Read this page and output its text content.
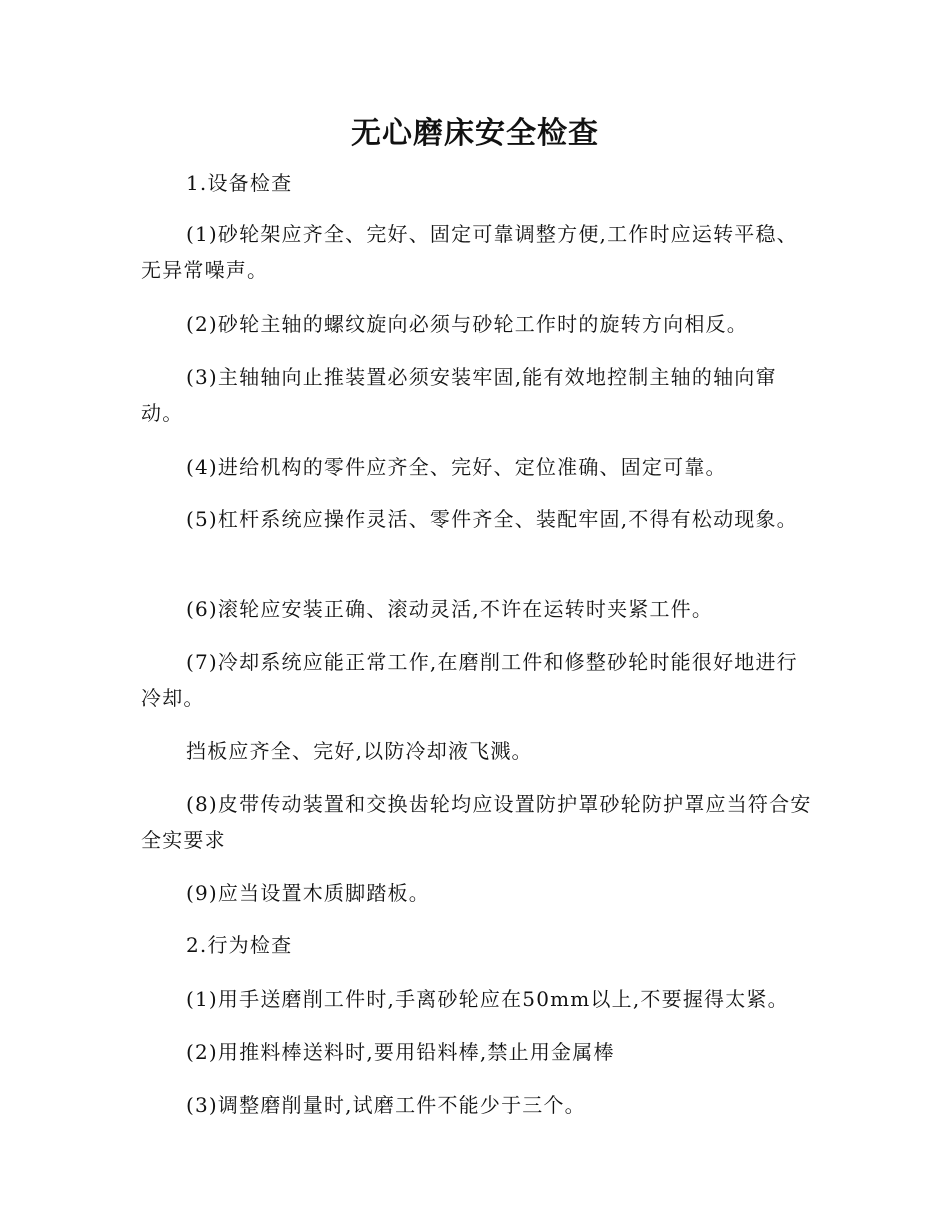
无心磨床安全检查

1.设备检查

(1)砂轮架应齐全、完好、固定可靠调整方便,工作时应运转平稳、无异常噪声。

(2)砂轮主轴的螺纹旋向必须与砂轮工作时的旋转方向相反。

(3)主轴轴向止推装置必须安装牢固,能有效地控制主轴的轴向窜动。

(4)进给机构的零件应齐全、完好、定位准确、固定可靠。

(5)杠杆系统应操作灵活、零件齐全、装配牢固,不得有松动现象。

(6)滚轮应安装正确、滚动灵活,不许在运转时夹紧工件。

(7)冷却系统应能正常工作,在磨削工件和修整砂轮时能很好地进行冷却。

挡板应齐全、完好,以防冷却液飞溅。

(8)皮带传动装置和交换齿轮均应设置防护罩砂轮防护罩应当符合安全实要求

(9)应当设置木质脚踏板。

2.行为检查

(1)用手送磨削工件时,手离砂轮应在50mm以上,不要握得太紧。

(2)用推料棒送料时,要用铅料棒,禁止用金属棒

(3)调整磨削量时,试磨工件不能少于三个。
